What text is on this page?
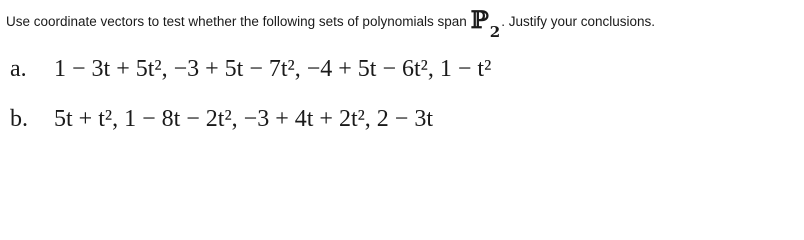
Use coordinate vectors to test whether the following sets of polynomials span ℙ$_2$
. Justify your conclusions.
a.	1 − 3t + 5t², −3 + 5t − 7t², −4 + 5t − 6t², 1 − t²
b.	5t + t², 1 − 8t − 2t², −3 + 4t + 2t², 2 − 3t
